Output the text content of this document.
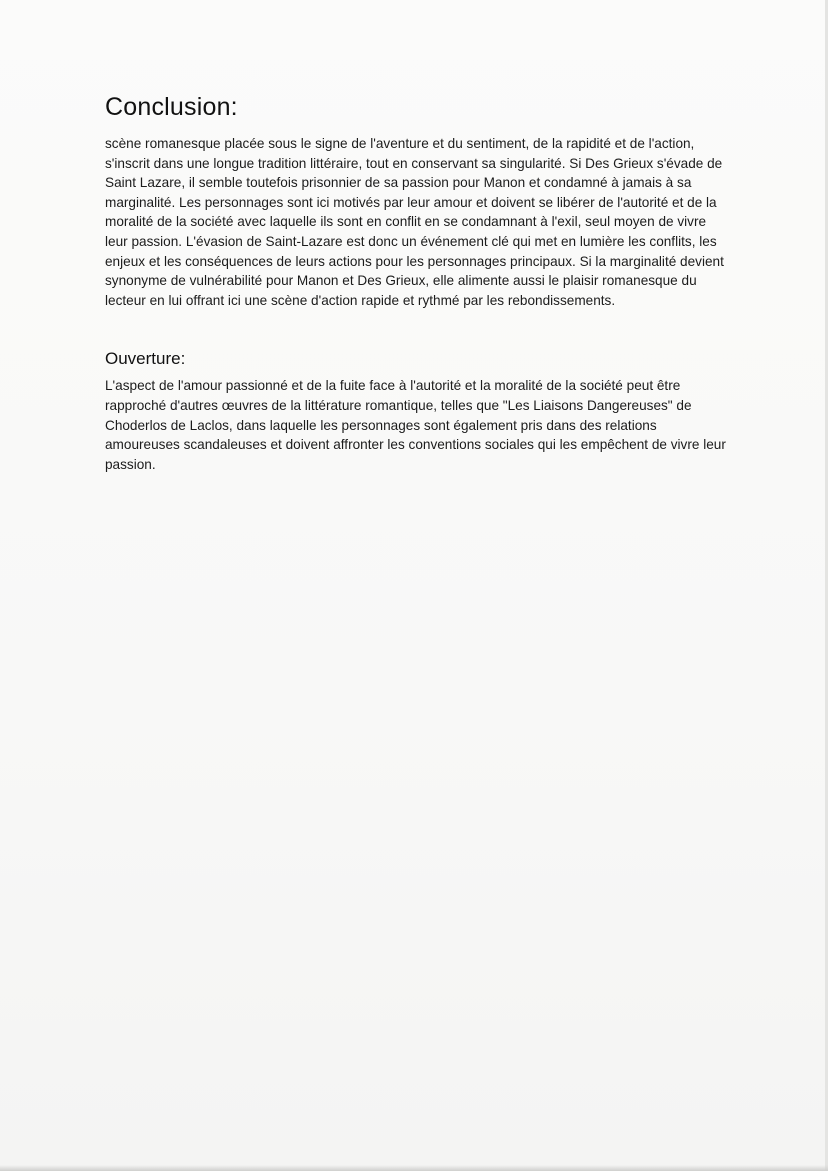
Conclusion:

scène romanesque placée sous le signe de l'aventure et du sentiment, de la rapidité et de l'action, s'inscrit dans une longue tradition littéraire, tout en conservant sa singularité. Si Des Grieux s'évade de Saint Lazare, il semble toutefois prisonnier de sa passion pour Manon et condamné à jamais à sa marginalité. Les personnages sont ici motivés par leur amour et doivent se libérer de l'autorité et de la moralité de la société avec laquelle ils sont en conflit en se condamnant à l'exil, seul moyen de vivre leur passion. L'évasion de Saint-Lazare est donc un événement clé qui met en lumière les conflits, les enjeux et les conséquences de leurs actions pour les personnages principaux. Si la marginalité devient synonyme de vulnérabilité pour Manon et Des Grieux, elle alimente aussi le plaisir romanesque du lecteur en lui offrant ici une scène d'action rapide et rythmé par les rebondissements.

Ouverture:

L'aspect de l'amour passionné et de la fuite face à l'autorité et la moralité de la société peut être rapproché d'autres œuvres de la littérature romantique, telles que "Les Liaisons Dangereuses" de Choderlos de Laclos, dans laquelle les personnages sont également pris dans des relations amoureuses scandaleuses et doivent affronter les conventions sociales qui les empêchent de vivre leur passion.
